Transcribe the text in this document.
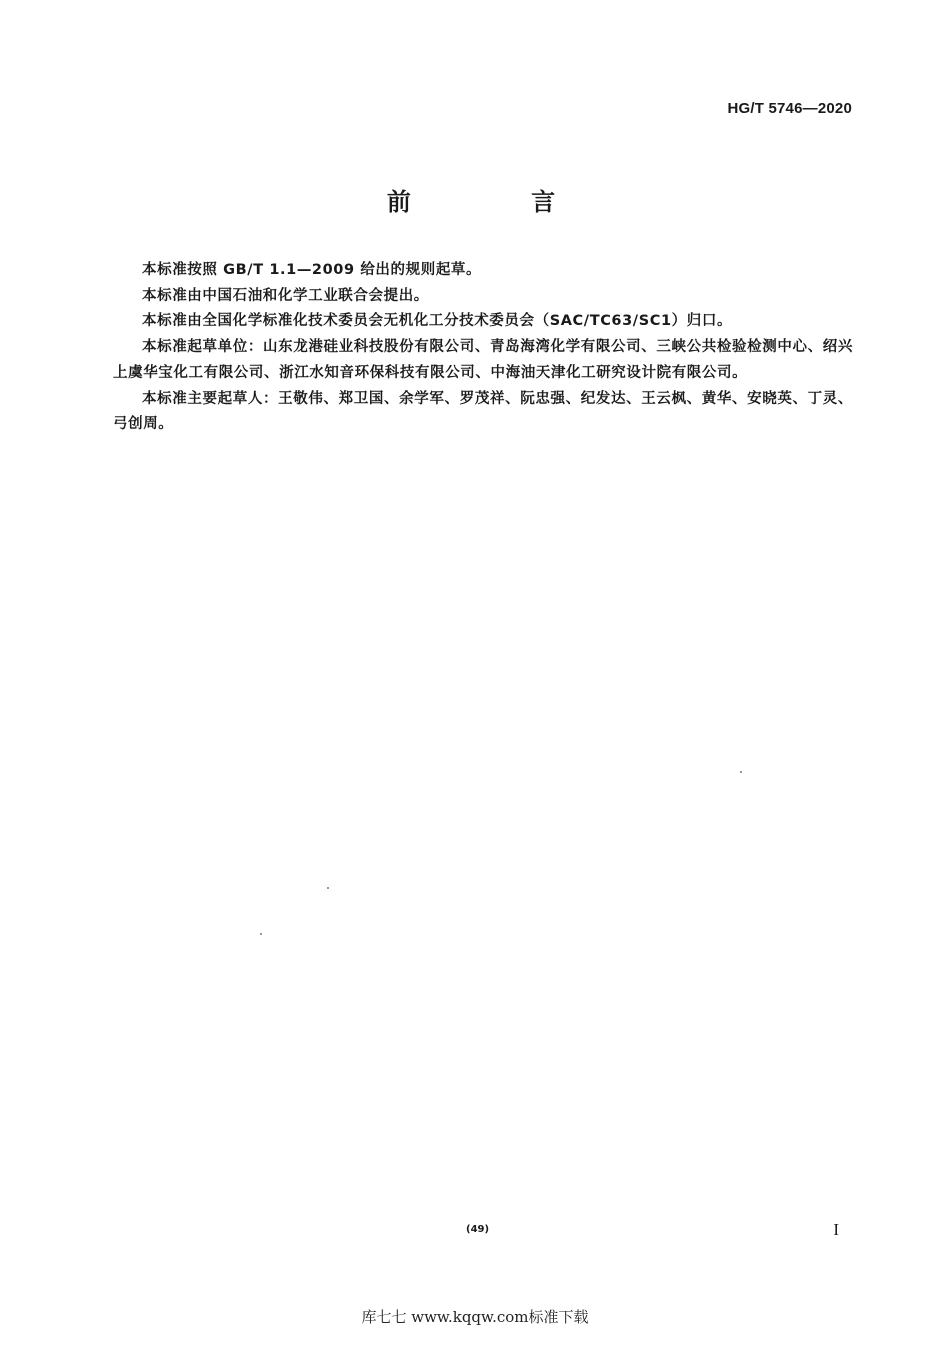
HG/T 5746—2020
前 言

本标准按照 GB/T 1.1—2009 给出的规则起草。

本标准由中国石油和化学工业联合会提出。

本标准由全国化学标准化技术委员会无机化工分技术委员会（SAC/TC63/SC1）归口。

本标准起草单位：山东龙港硅业科技股份有限公司、青岛海湾化学有限公司、三峡公共检验检测中心、绍兴上虞华宝化工有限公司、浙江水知音环保科技有限公司、中海油天津化工研究设计院有限公司。

本标准主要起草人：王敬伟、郑卫国、余学军、罗茂祥、阮忠强、纪发达、王云枫、黄华、安晓英、丁灵、弓创周。

(49)	I
库七七 www.kqqw.com标准下载
